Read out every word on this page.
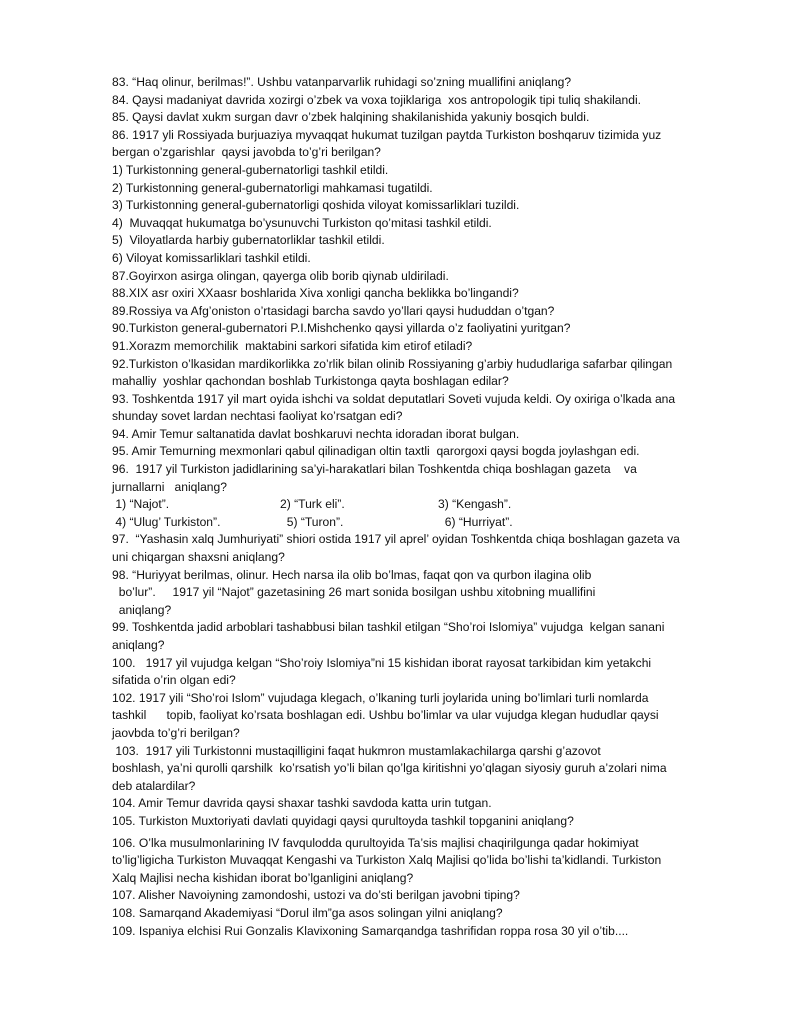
83. “Haq olinur, berilmas!”. Ushbu vatanparvarlik ruhidagi so’zning muallifini aniqlang?
84. Qaysi madaniyat davrida xozirgi o’zbek va voxa tojiklariga  xos antropologik tipi tuliq shakilandi.
85. Qaysi davlat xukm surgan davr o’zbek halqining shakilanishida yakuniy bosqich buldi.
86. 1917 yli Rossiyada burjuaziya myvaqqat hukumat tuzilgan paytda Turkiston boshqaruv tizimida yuz
bergan o’zgarishlar  qaysi javobda to’g’ri berilgan?
1) Turkistonning general-gubernatorligi tashkil etildi.
2) Turkistonning general-gubernatorligi mahkamasi tugatildi.
3) Turkistonning general-gubernatorligi qoshida viloyat komissarliklari tuzildi.
4)  Muvaqqat hukumatga bo’ysunuvchi Turkiston qo’mitasi tashkil etildi.
5)  Viloyatlarda harbiy gubernatorliklar tashkil etildi.
6) Viloyat komissarliklari tashkil etildi.
87.Goyirxon asirga olingan, qayerga olib borib qiynab uldiriladi.
88.XIX asr oxiri XXaasr boshlarida Xiva xonligi qancha beklikka bo’lingandi?
89.Rossiya va Afg’oniston o’rtasidagi barcha savdo yo’llari qaysi hududdan o’tgan?
90.Turkiston general-gubernatori P.I.Mishchenko qaysi yillarda o’z faoliyatini yuritgan?
91.Xorazm memorchilik  maktabini sarkori sifatida kim etirof etiladi?
92.Turkiston o’lkasidan mardikorlikka zo’rlik bilan olinib Rossiyaning g’arbiy hududlariga safarbar qilingan
mahalliy  yoshlar qachondan boshlab Turkistonga qayta boshlagan edilar?
93. Toshkentda 1917 yil mart oyida ishchi va soldat deputatlari Soveti vujuda keldi. Oy oxiriga o’lkada ana
shunday sovet lardan nechtasi faoliyat ko’rsatgan edi?
94. Amir Temur saltanatida davlat boshkaruvi nechta idoradan iborat bulgan.
95. Amir Temurning mexmonlari qabul qilinadigan oltin taxtli  qarorgoxi qaysi bogda joylashgan edi.
96.  1917 yil Turkiston jadidlarining sa’yi-harakatlari bilan Toshkentda chiqa boshlagan gazeta    va
jurnallarni   aniqlang?
1) “Najot”.	2) “Turk eli”.	3) “Kengash”.
4) “Ulug’ Turkiston”.	5) “Turon”.	6) “Hurriyat”.
97.  “Yashasin xalq Jumhuriyati” shiori ostida 1917 yil aprel’ oyidan Toshkentda chiqa boshlagan gazeta va
uni chiqargan shaxsni aniqlang?
98. “Huriyyat berilmas, olinur. Hech narsa ila olib bo’lmas, faqat qon va qurbon ilagina olib
bo’lur”.     1917 yil “Najot” gazetasining 26 mart sonida bosilgan ushbu xitobning muallifini
aniqlang?
99. Toshkentda jadid arboblari tashabbusi bilan tashkil etilgan “Sho’roi Islomiya” vujudga  kelgan sanani
aniqlang?
100.   1917 yil vujudga kelgan “Sho’roiy Islomiya”ni 15 kishidan iborat rayosat tarkibidan kim yetakchi
sifatida o’rin olgan edi?
102. 1917 yili “Sho’roi Islom” vujudaga klegach, o’lkaning turli joylarida uning bo’limlari turli nomlarda
tashkil      topib, faoliyat ko’rsata boshlagan edi. Ushbu bo’limlar va ular vujudga klegan hududlar qaysi
jaovbda to’g’ri berilgan?
103.  1917 yili Turkistonni mustaqilligini faqat hukmron mustamlakachilarga qarshi g’azovot
boshlash, ya’ni qurolli qarshilk  ko’rsatish yo’li bilan qo’lga kiritishni yo’qlagan siyosiy guruh a’zolari nima
deb atalardilar?
104. Amir Temur davrida qaysi shaxar tashki savdoda katta urin tutgan.
105. Turkiston Muxtoriyati davlati quyidagi qaysi qurultoyda tashkil topganini aniqlang?
106. O’lka musulmonlarining IV favqulodda qurultoyida Ta’sis majlisi chaqirilgunga qadar hokimiyat
to’lig’ligicha Turkiston Muvaqqat Kengashi va Turkiston Xalq Majlisi qo’lida bo’lishi ta’kidlandi. Turkiston
Xalq Majlisi necha kishidan iborat bo’lganligini aniqlang?
107. Alisher Navoiyning zamondoshi, ustozi va do’sti berilgan javobni tiping?
108. Samarqand Akademiyasi “Dorul ilm”ga asos solingan yilni aniqlang?
109. Ispaniya elchisi Rui Gonzalis Klavixoning Samarqandga tashrifidan roppa rosa 30 yil o’tib....
